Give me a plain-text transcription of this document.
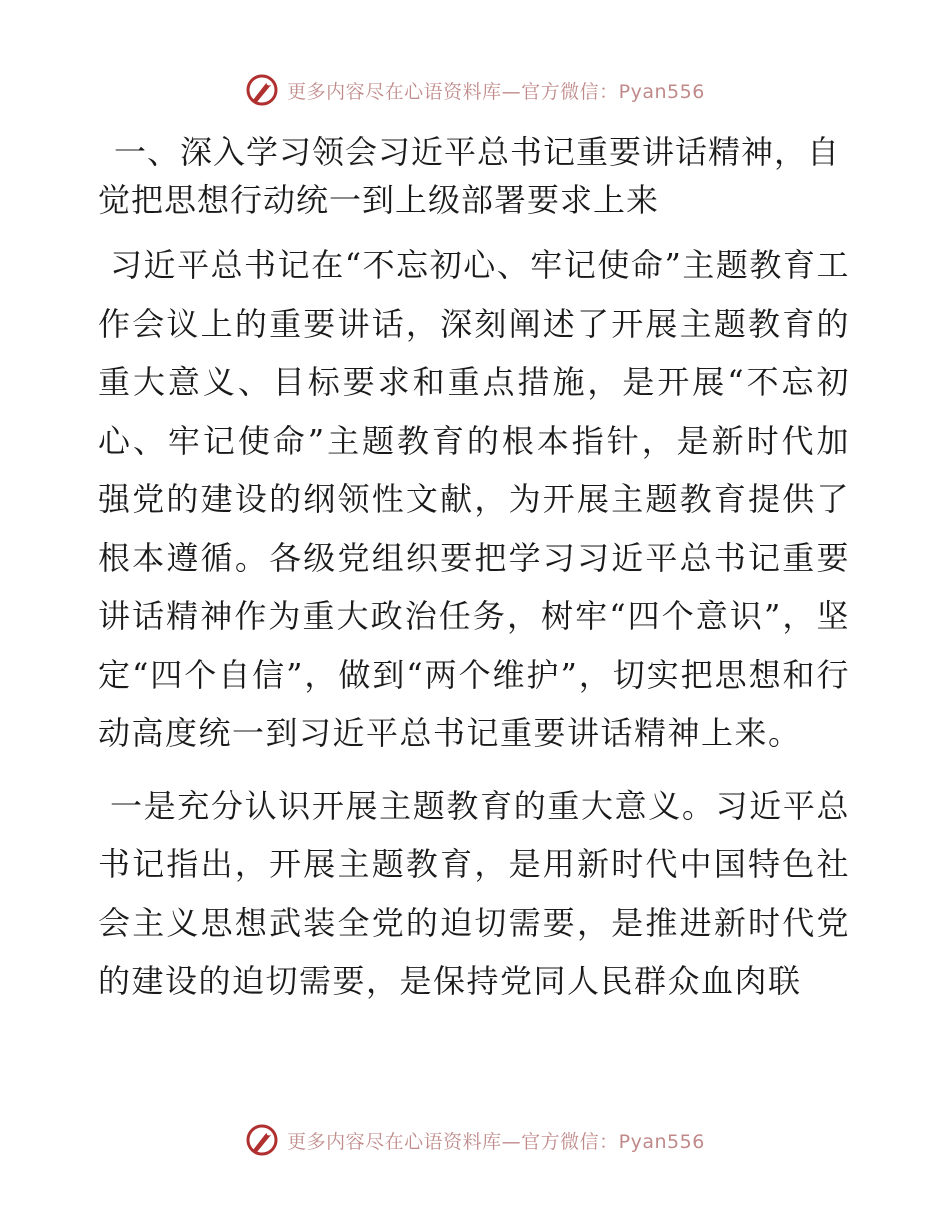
更多内容尽在心语资料库—官方微信：Pyan556
一、深入学习领会习近平总书记重要讲话精神，自觉把思想行动统一到上级部署要求上来

习近平总书记在“不忘初心、牢记使命”主题教育工作会议上的重要讲话，深刻阐述了开展主题教育的重大意义、目标要求和重点措施，是开展“不忘初心、牢记使命”主题教育的根本指针，是新时代加强党的建设的纲领性文献，为开展主题教育提供了根本遵循。各级党组织要把学习习近平总书记重要讲话精神作为重大政治任务，树牢“四个意识”，坚定“四个自信”，做到“两个维护”，切实把思想和行动高度统一到习近平总书记重要讲话精神上来。

一是充分认识开展主题教育的重大意义。习近平总书记指出，开展主题教育，是用新时代中国特色社会主义思想武装全党的迫切需要，是推进新时代党的建设的迫切需要，是保持党同人民群众血肉联

更多内容尽在心语资料库—官方微信：Pyan556
